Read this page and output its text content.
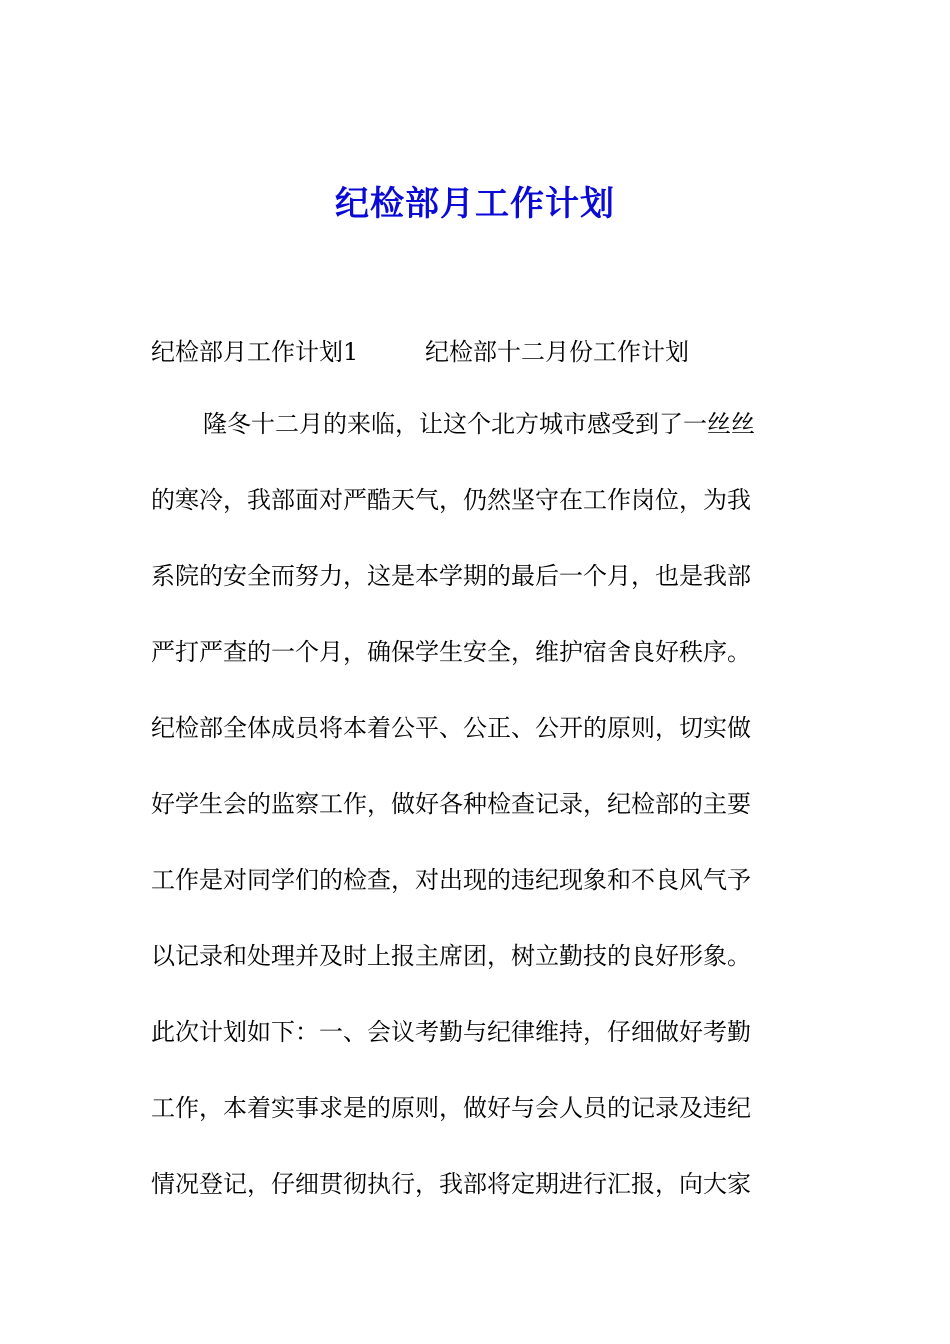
纪检部月工作计划
纪检部月工作计划1	纪检部十二月份工作计划
隆冬十二月的来临，让这个北方城市感受到了一丝丝
的寒冷，我部面对严酷天气，仍然坚守在工作岗位，为我
系院的安全而努力，这是本学期的最后一个月，也是我部
严打严查的一个月，确保学生安全，维护宿舍良好秩序。
纪检部全体成员将本着公平、公正、公开的原则，切实做
好学生会的监察工作，做好各种检查记录，纪检部的主要
工作是对同学们的检查，对出现的违纪现象和不良风气予
以记录和处理并及时上报主席团，树立勤技的良好形象。
此次计划如下：一、会议考勤与纪律维持，仔细做好考勤
工作，本着实事求是的原则，做好与会人员的记录及违纪
情况登记，仔细贯彻执行，我部将定期进行汇报，向大家
